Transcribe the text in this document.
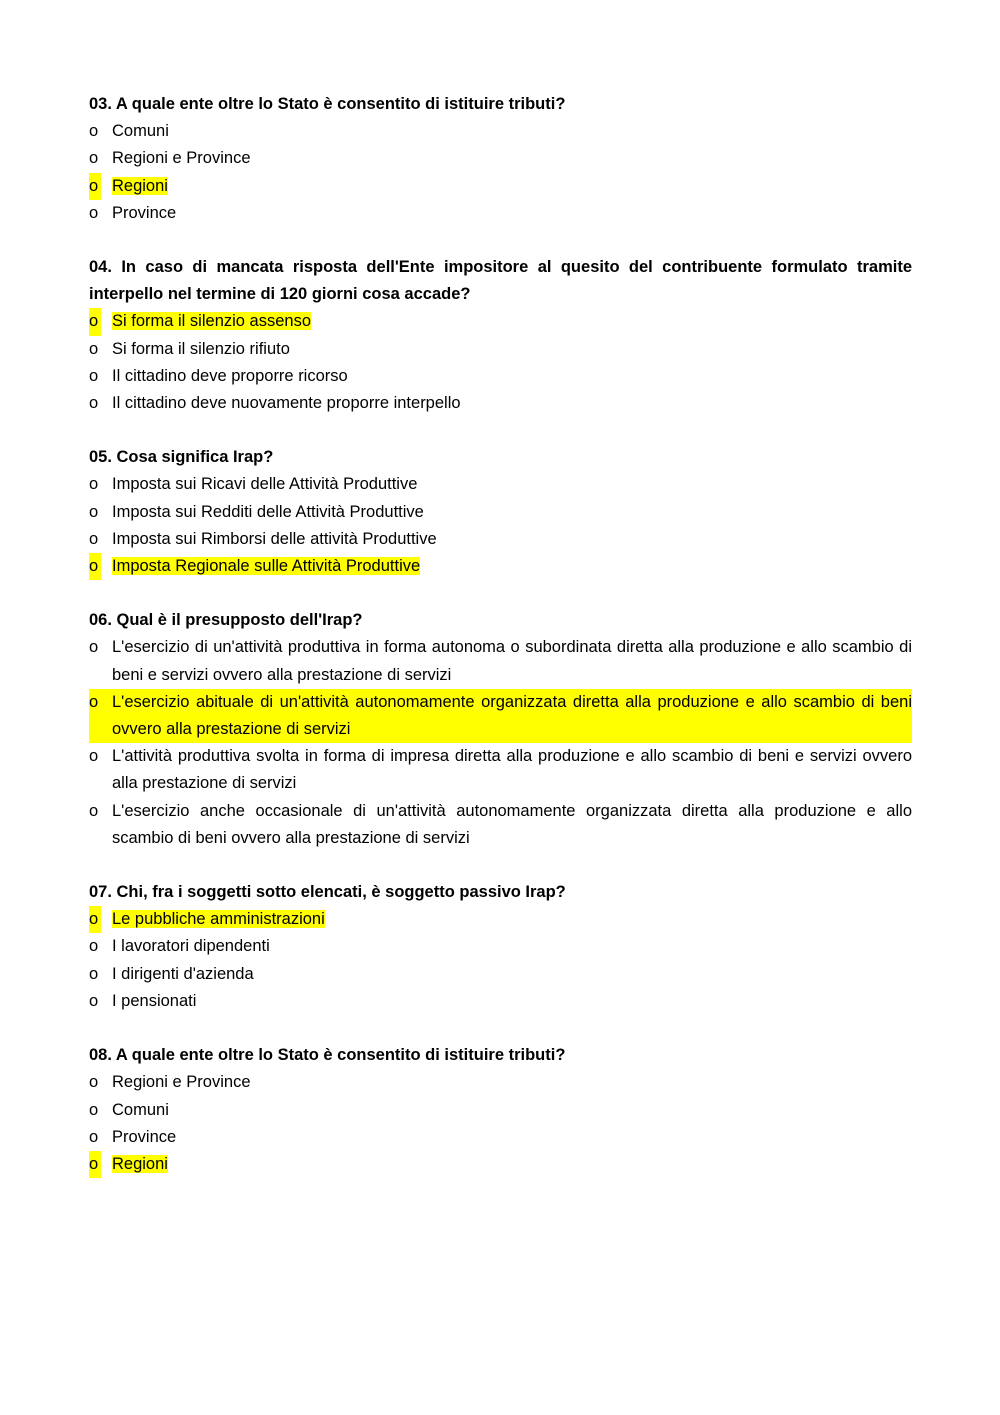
03. A quale ente oltre lo Stato è consentito di istituire tributi?

o Comuni
o Regioni e Province
o Regioni
o Province

04. In caso di mancata risposta dell'Ente impositore al quesito del contribuente formulato tramite interpello nel termine di 120 giorni cosa accade?

o Si forma il silenzio assenso
o Si forma il silenzio rifiuto
o Il cittadino deve proporre ricorso
o Il cittadino deve nuovamente proporre interpello

05. Cosa significa Irap?

o Imposta sui Ricavi delle Attività Produttive
o Imposta sui Redditi delle Attività Produttive
o Imposta sui Rimborsi delle attività Produttive
o Imposta Regionale sulle Attività Produttive

06. Qual è il presupposto dell'Irap?

o L'esercizio di un'attività produttiva in forma autonoma o subordinata diretta alla produzione e allo scambio di beni e servizi ovvero alla prestazione di servizi
o L'esercizio abituale di un'attività autonomamente organizzata diretta alla produzione e allo scambio di beni ovvero alla prestazione di servizi
o L'attività produttiva svolta in forma di impresa diretta alla produzione e allo scambio di beni e servizi ovvero alla prestazione di servizi
o L'esercizio anche occasionale di un'attività autonomamente organizzata diretta alla produzione e allo scambio di beni ovvero alla prestazione di servizi

07. Chi, fra i soggetti sotto elencati, è soggetto passivo Irap?

o Le pubbliche amministrazioni
o I lavoratori dipendenti
o I dirigenti d'azienda
o I pensionati

08. A quale ente oltre lo Stato è consentito di istituire tributi?

o Regioni e Province
o Comuni
o Province
o Regioni
